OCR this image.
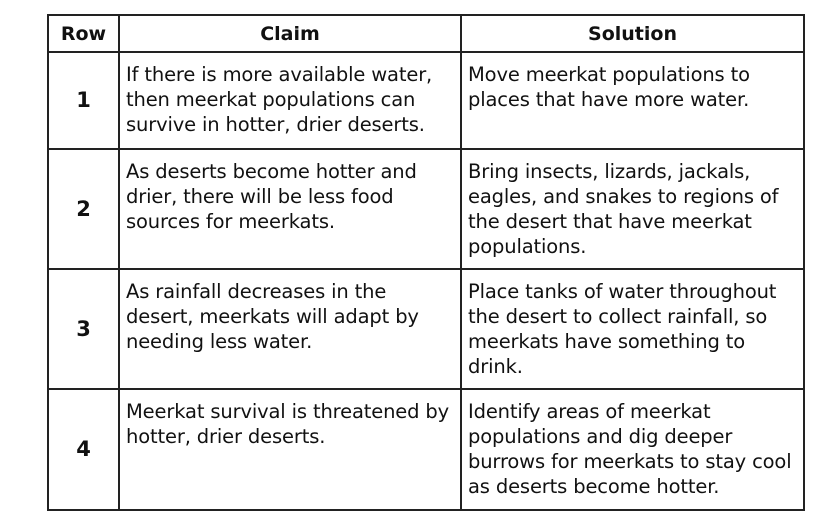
Row	Claim	Solution
1	If there is more available water, then meerkat populations can survive in hotter, drier deserts.	Move meerkat populations to places that have more water.
2	As deserts become hotter and drier, there will be less food sources for meerkats.	Bring insects, lizards, jackals, eagles, and snakes to regions of the desert that have meerkat populations.
3	As rainfall decreases in the desert, meerkats will adapt by needing less water.	Place tanks of water throughout the desert to collect rainfall, so meerkats have something to drink.
4	Meerkat survival is threatened by hotter, drier deserts.	Identify areas of meerkat populations and dig deeper burrows for meerkats to stay cool as deserts become hotter.
